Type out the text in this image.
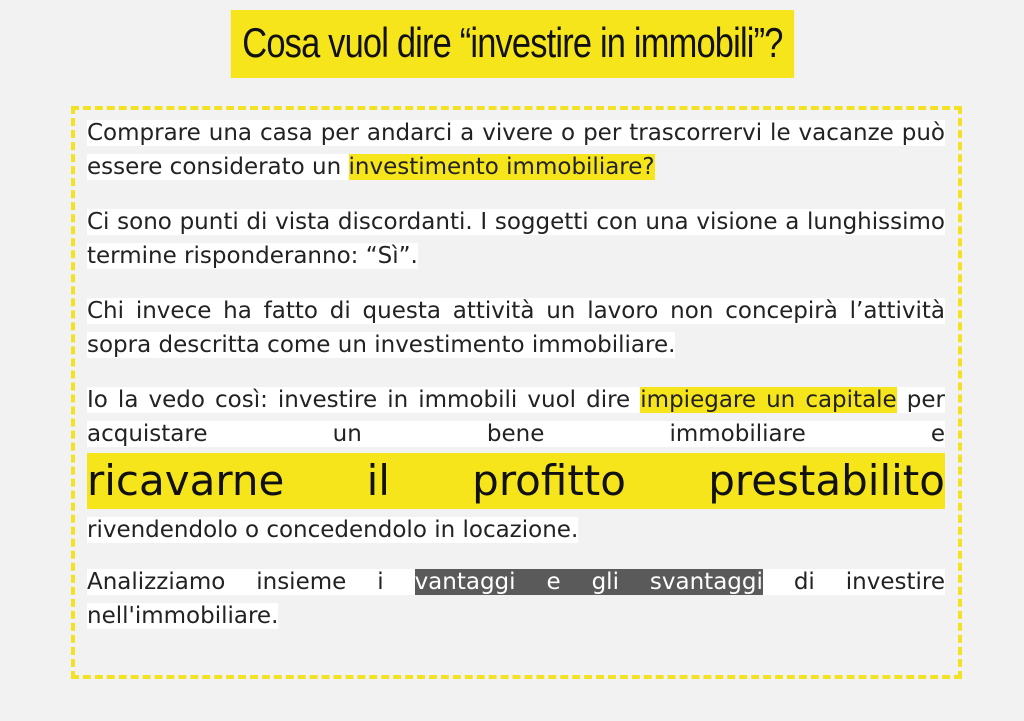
Cosa vuol dire “investire in immobili”?

Comprare una casa per andarci a vivere o per trascorrervi le vacanze può essere considerato un investimento immobiliare?

Ci sono punti di vista discordanti. I soggetti con una visione a lunghissimo termine risponderanno: “Sì”.

Chi invece ha fatto di questa attività un lavoro non concepirà l’attività sopra descritta come un investimento immobiliare.

Io la vedo così: investire in immobili vuol dire impiegare un capitale per acquistare un bene immobiliare e
ricavarne il profitto prestabilito
rivendendolo o concedendolo in locazione.

Analizziamo insieme i vantaggi e gli svantaggi di investire nell'immobiliare.
